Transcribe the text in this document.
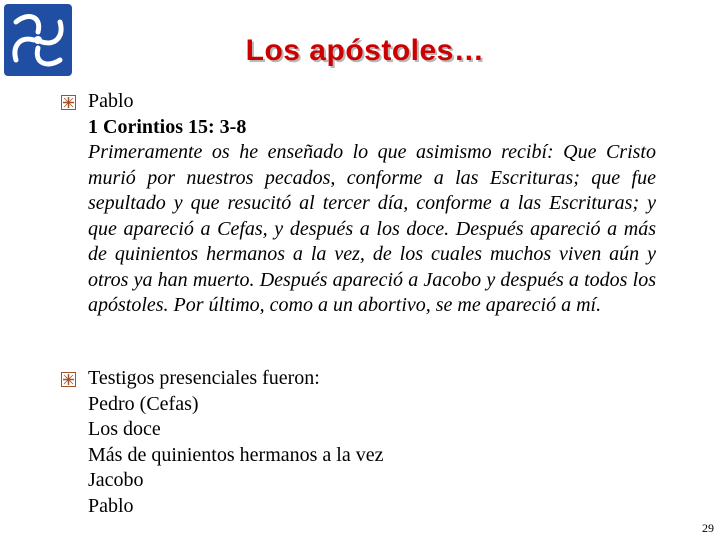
Los apóstoles…
Pablo
1 Corintios 15: 3-8
Primeramente os he enseñado lo que asimismo recibí: Que Cristo murió por nuestros pecados, conforme a las Escrituras; que fue sepultado y que resucitó al tercer día, conforme a las Escrituras; y que apareció a Cefas, y después a los doce. Después apareció a más de quinientos hermanos a la vez, de los cuales muchos viven aún y otros ya han muerto. Después apareció a Jacobo y después a todos los apóstoles. Por último, como a un abortivo, se me apareció a mí.
Testigos presenciales fueron:
Pedro (Cefas)
Los doce
Más de quinientos hermanos a la vez
Jacobo
Pablo
29
